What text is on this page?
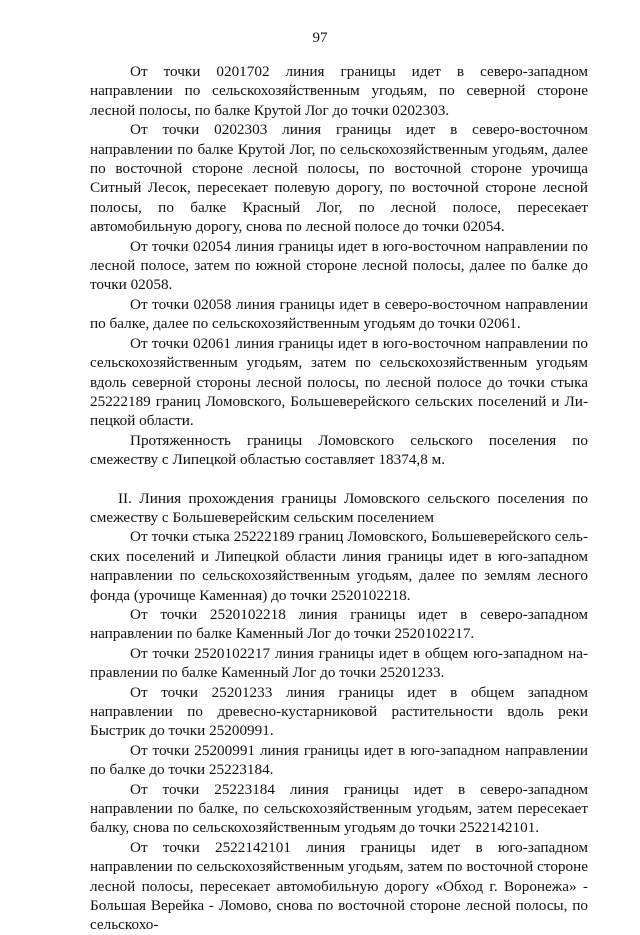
97

От точки 0201702 линия границы идет в северо-западном направлении по сельскохозяйственным угодьям, по северной стороне лесной полосы, по балке Крутой Лог до точки 0202303.

От точки 0202303 линия границы идет в северо-восточном направлении по балке Крутой Лог, по сельскохозяйственным угодьям, далее по восточной стороне лесной полосы, по восточной стороне урочища Ситный Лесок, пересекает полевую дорогу, по восточной стороне лесной полосы, по балке Красный Лог, по лесной полосе, пересекает автомобильную дорогу, снова по лесной полосе до точки 02054.

От точки 02054 линия границы идет в юго-восточном направлении по лесной полосе, затем по южной стороне лесной полосы, далее по балке до точки 02058.

От точки 02058 линия границы идет в северо-восточном направлении по балке, далее по сельскохозяйственным угодьям до точки 02061.

От точки 02061 линия границы идет в юго-восточном направлении по сельскохозяйственным угодьям, затем по сельскохозяйственным угодьям вдоль северной стороны лесной полосы, по лесной полосе до точки стыка 25222189 границ Ломовского, Большеверейского сельских поселений и Липецкой области.

Протяженность границы Ломовского сельского поселения по смежеству с Липецкой областью составляет 18374,8 м.

II. Линия прохождения границы Ломовского сельского поселения по смежеству с Большеверейским сельским поселением

От точки стыка 25222189 границ Ломовского, Большеверейского сельских поселений и Липецкой области линия границы идет в юго-западном направлении по сельскохозяйственным угодьям, далее по землям лесного фонда (урочище Каменная) до точки 2520102218.

От точки 2520102218 линия границы идет в северо-западном направлении по балке Каменный Лог до точки 2520102217.

От точки 2520102217 линия границы идет в общем юго-западном направлении по балке Каменный Лог до точки 25201233.

От точки 25201233 линия границы идет в общем западном направлении по древесно-кустарниковой растительности вдоль реки Быстрик до точки 25200991.

От точки 25200991 линия границы идет в юго-западном направлении по балке до точки 25223184.

От точки 25223184 линия границы идет в северо-западном направлении по балке, по сельскохозяйственным угодьям, затем пересекает балку, снова по сельскохозяйственным угодьям до точки 2522142101.

От точки 2522142101 линия границы идет в юго-западном направлении по сельскохозяйственным угодьям, затем по восточной стороне лесной полосы, пересекает автомобильную дорогу «Обход г. Воронежа» - Большая Верейка - Ломово, снова по восточной стороне лесной полосы, по сельскохо-
